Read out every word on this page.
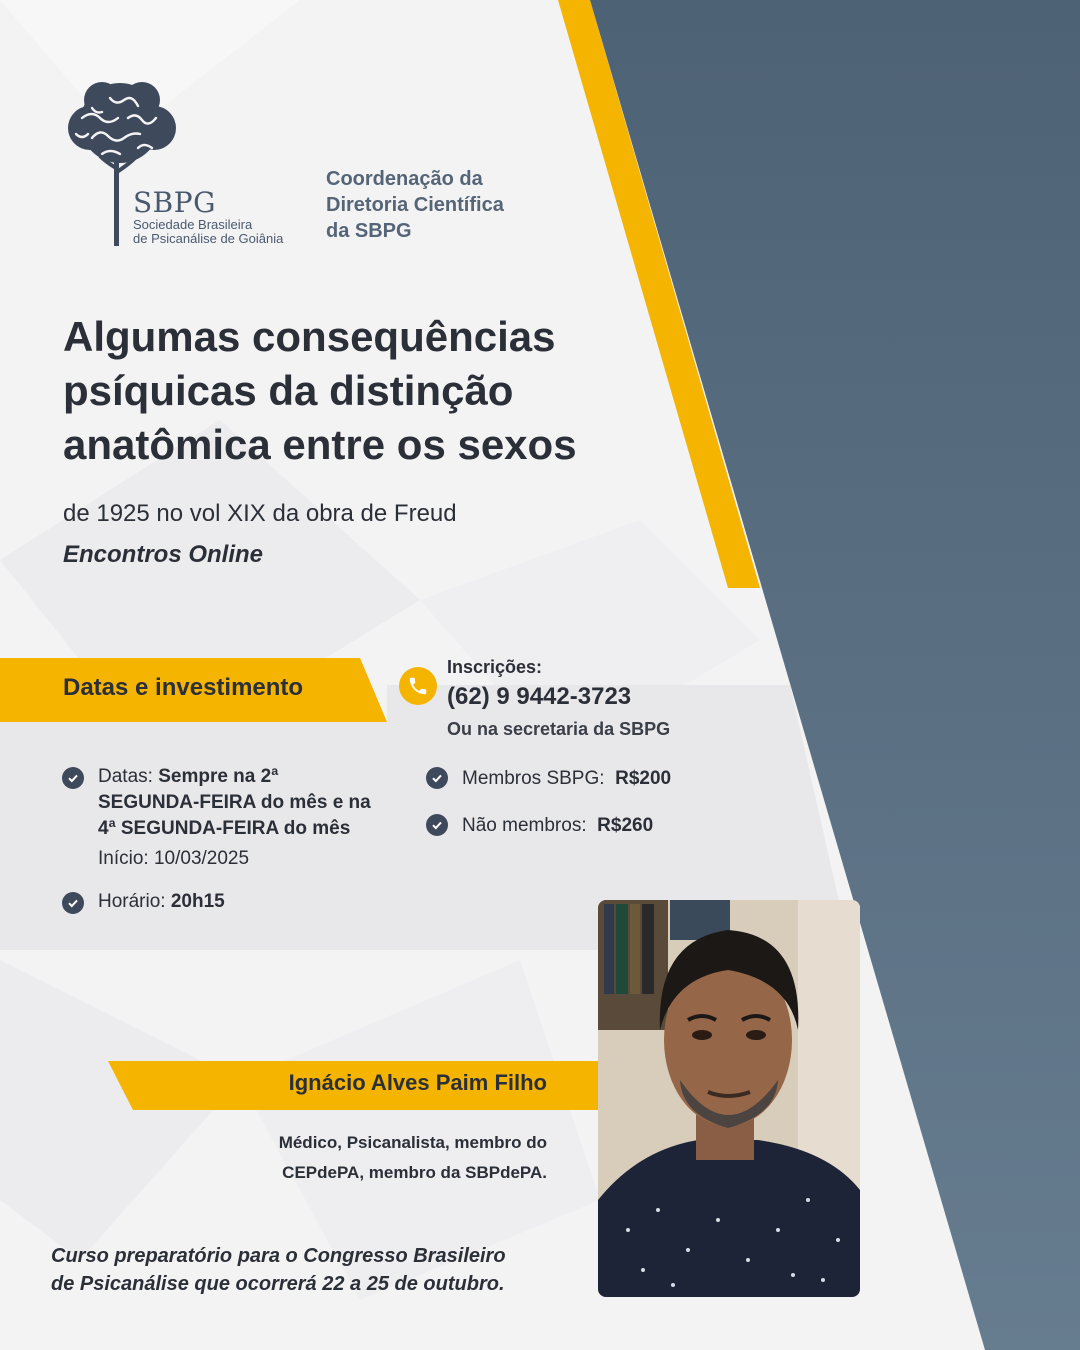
SBPG
Sociedade Brasileira
de Psicanálise de Goiânia
Coordenação da
Diretoria Científica
da SBPG
Algumas consequências
psíquicas da distinção
anatômica entre os sexos
de 1925 no vol XIX da obra de Freud
Encontros Online
Datas e investimento
Inscrições:
(62) 9 9442-3723
Ou na secretaria da SBPG
Datas: Sempre na 2ª
SEGUNDA-FEIRA do mês e na
4ª SEGUNDA-FEIRA do mês
Início: 10/03/2025
Horário: 20h15
Membros SBPG:  R$200
Não membros:  R$260
Ignácio Alves Paim Filho
Médico, Psicanalista, membro do
CEPdePA, membro da SBPdePA.
Curso preparatório para o Congresso Brasileiro
de Psicanálise que ocorrerá 22 a 25 de outubro.
